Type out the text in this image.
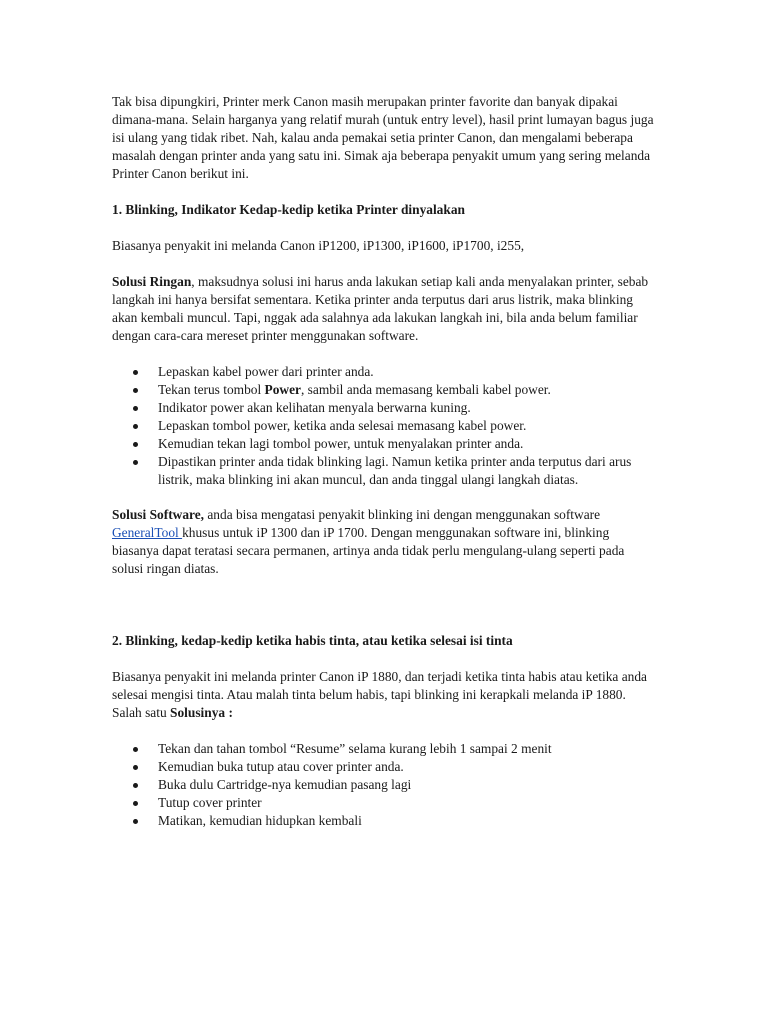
Tak bisa dipungkiri, Printer merk Canon masih merupakan printer favorite dan banyak dipakai dimana-mana. Selain harganya yang relatif murah (untuk entry level), hasil print lumayan bagus juga isi ulang yang tidak ribet. Nah, kalau anda pemakai setia printer Canon, dan mengalami beberapa masalah dengan printer anda yang satu ini. Simak aja beberapa penyakit umum yang sering melanda Printer Canon berikut ini.

1. Blinking, Indikator Kedap-kedip ketika Printer dinyalakan

Biasanya penyakit ini melanda Canon iP1200, iP1300, iP1600, iP1700, i255,

Solusi Ringan, maksudnya solusi ini harus anda lakukan setiap kali anda menyalakan printer, sebab langkah ini hanya bersifat sementara. Ketika printer anda terputus dari arus listrik, maka blinking akan kembali muncul. Tapi, nggak ada salahnya ada lakukan langkah ini, bila anda belum familiar dengan cara-cara mereset printer menggunakan software.

Lepaskan kabel power dari printer anda.
Tekan terus tombol Power, sambil anda memasang kembali kabel power.
Indikator power akan kelihatan menyala berwarna kuning.
Lepaskan tombol power, ketika anda selesai memasang kabel power.
Kemudian tekan lagi tombol power, untuk menyalakan printer anda.
Dipastikan printer anda tidak blinking lagi. Namun ketika printer anda terputus dari arus listrik, maka blinking ini akan muncul, dan anda tinggal ulangi langkah diatas.

Solusi Software, anda bisa mengatasi penyakit blinking ini dengan menggunakan software GeneralTool khusus untuk iP 1300 dan iP 1700. Dengan menggunakan software ini, blinking biasanya dapat teratasi secara permanen, artinya anda tidak perlu mengulang-ulang seperti pada solusi ringan diatas.

2. Blinking, kedap-kedip ketika habis tinta, atau ketika selesai isi tinta

Biasanya penyakit ini melanda printer Canon iP 1880, dan terjadi ketika tinta habis atau ketika anda selesai mengisi tinta. Atau malah tinta belum habis, tapi blinking ini kerapkali melanda iP 1880. Salah satu Solusinya :

Tekan dan tahan tombol “Resume” selama kurang lebih 1 sampai 2 menit
Kemudian buka tutup atau cover printer anda.
Buka dulu Cartridge-nya kemudian pasang lagi
Tutup cover printer
Matikan, kemudian hidupkan kembali
